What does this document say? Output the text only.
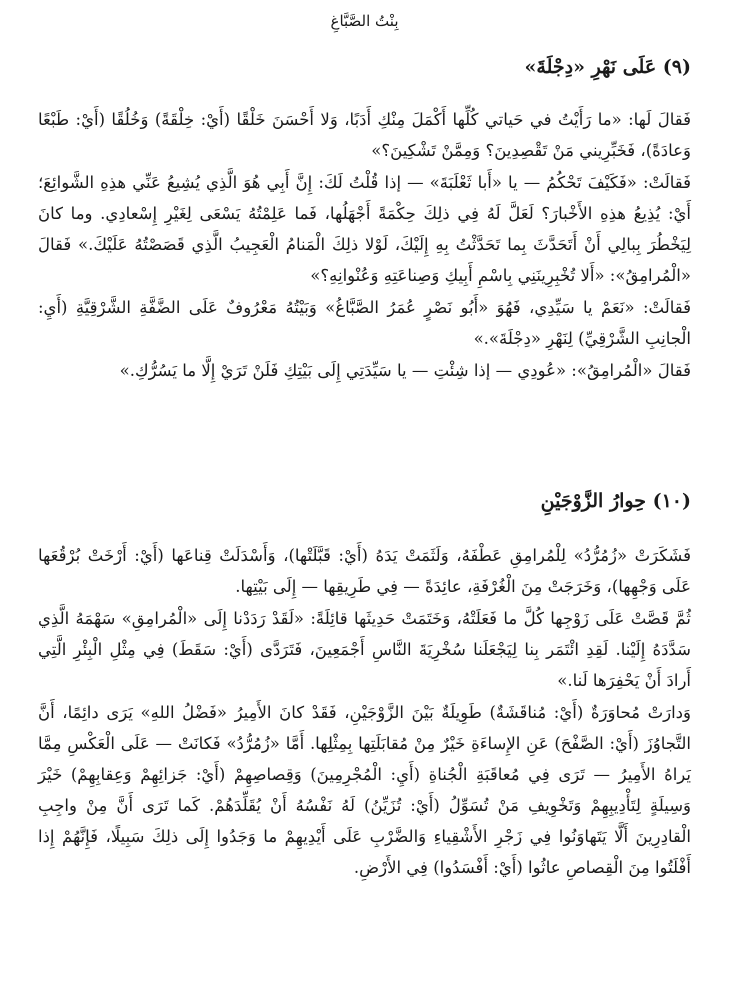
بِنْتُ الصَّبَّاغِ
(٩) عَلَى نَهْرِ «دِجْلَةَ»

فَقالَ لَها: «ما رَأَيْتُ في حَياتي كُلِّها أَكْمَلَ مِنْكِ أَدَبًا، وَلا أَحْسَنَ خَلْقًا (أَيْ: خِلْقَةً) وَخُلُقًا (أَيْ: طَبْعًا وَعادَةً)، فَخَبِّرِيني مَنْ تَقْصِدِينَ؟ وَمِمَّنْ تَشْكِينَ؟»

فَقالَتْ: «فَكَيْفَ تَحْكُمُ — يا «أَبا ثَعْلَبَةَ» — إذا قُلْتُ لَكَ: إِنَّ أَبِي هُوَ الَّذِي يُشِيعُ عَنِّي هذِهِ الشَّوائِعَ؛ أَيْ: يُذِيعُ هذِهِ الأَخْبارَ؟ لَعَلَّ لَهُ فِي ذلِكَ حِكْمَةً أَجْهَلُها، فَما عَلِمْتُهُ يَسْعَى لِغَيْرِ إِسْعادِي. وما كانَ لِيَخْطُرَ بِبالِي أَنْ أَتَحَدَّثَ بِما تَحَدَّثْتُ بِهِ إِلَيْكَ، لَوْلا ذلِكَ الْمَنامُ الْعَجِيبُ الَّذِي قَصَصْتُهُ عَلَيْكَ.» فَقالَ «الْمُرامِقُ»: «أَلا تُخْبِرِينَنِي بِاسْمِ أَبِيكِ وَصِناعَتِهِ وَعُنْوانِهِ؟»

فَقالَتْ: «نَعَمْ يا سَيِّدِي، فَهُوَ «أَبُو نَصْرٍ عُمَرُ الصَّبَّاغُ» وَبَيْتُهُ مَعْرُوفٌ عَلَى الضَّفَّةِ الشَّرْقِيَّةِ (أَيِ: الْجانِبِ الشَّرْقِيِّ) لِنَهْرِ «دِجْلَةَ».»

فَقالَ «الْمُرامِقُ»: «عُودِي — إذا شِئْتِ — يا سَيِّدَتِي إِلَى بَيْتِكِ فَلَنْ تَرَيْ إِلَّا ما يَسُرُّكِ.»

(١٠) حِوارُ الزَّوْجَيْنِ

فَشَكَرَتْ «زُمُرُّدُ» لِلْمُرامِقِ عَطْفَهُ، وَلَثَمَتْ يَدَهُ (أَيْ: قَبَّلَتْها)، وَأَسْدَلَتْ قِناعَها (أَيْ: أَرْخَتْ بُرْقُعَها عَلَى وَجْهِها)، وَخَرَجَتْ مِنَ الْغُرْفَةِ، عائِدَةً — فِي طَرِيقِها — إِلَى بَيْتِها.

ثُمَّ قَصَّتْ عَلَى زَوْجِها كُلَّ ما فَعَلَتْهُ، وَخَتَمَتْ حَدِيثَها قائِلَةً: «لَقَدْ رَدَدْنا إِلَى «الْمُرامِقِ» سَهْمَهُ الَّذِي سَدَّدَهُ إِلَيْنا. لَقِدِ ائْتَمَر بِنا لِيَجْعَلَنا سُخْرِيَةَ النَّاسِ أَجْمَعِينَ، فَتَرَدَّى (أَيْ: سَقَطَ) فِي مِثْلِ الْبِئْرِ الَّتِي أَرادَ أَنْ يَحْفِرَها لَنا.»

وَدارَتْ مُحاوَرَةٌ (أَيْ: مُناقَشَةٌ) طَوِيلَةٌ بَيْنَ الزَّوْجَيْنِ، فَقَدْ كانَ الأَمِيرُ «فَضْلُ اللهِ» يَرَى دائِمًا، أَنَّ التَّجاوُزَ (أَيْ: الصَّفْحَ) عَنِ الإِساءَةِ خَيْرٌ مِنْ مُقابَلَتِها بِمِثْلِها. أَمَّا «زُمُرُّدُ» فَكانَتْ — عَلَى الْعَكْسِ مِمَّا يَراهُ الأَمِيرُ — تَرَى فِي مُعاقَبَةِ الْجُناةِ (أَيِ: الْمُجْرِمِينَ) وَقِصاصِهِمْ (أَيْ: جَزائِهِمْ وَعِقابِهِمْ) خَيْرَ وَسِيلَةٍ لِتَأْدِيبِهِمْ وَتَخْوِيفِ مَنْ تُسَوِّلُ (أَيْ: تُزَيِّنُ) لَهُ نَفْسُهُ أَنْ يُقَلِّدَهُمْ. كَما تَرَى أَنَّ مِنْ واجِبِ الْقادِرِينَ أَلَّا يَتَهاوَنُوا فِي زَجْرِ الأَشْقِياءِ وَالضَّرْبِ عَلَى أَيْدِيهِمْ ما وَجَدُوا إِلَى ذلِكَ سَبِيلًا، فَإِنَّهُمْ إِذا أَفْلَتُوا مِنَ الْقِصاصِ عاثُوا (أَيْ: أَفْسَدُوا) فِي الأَرْضِ.
